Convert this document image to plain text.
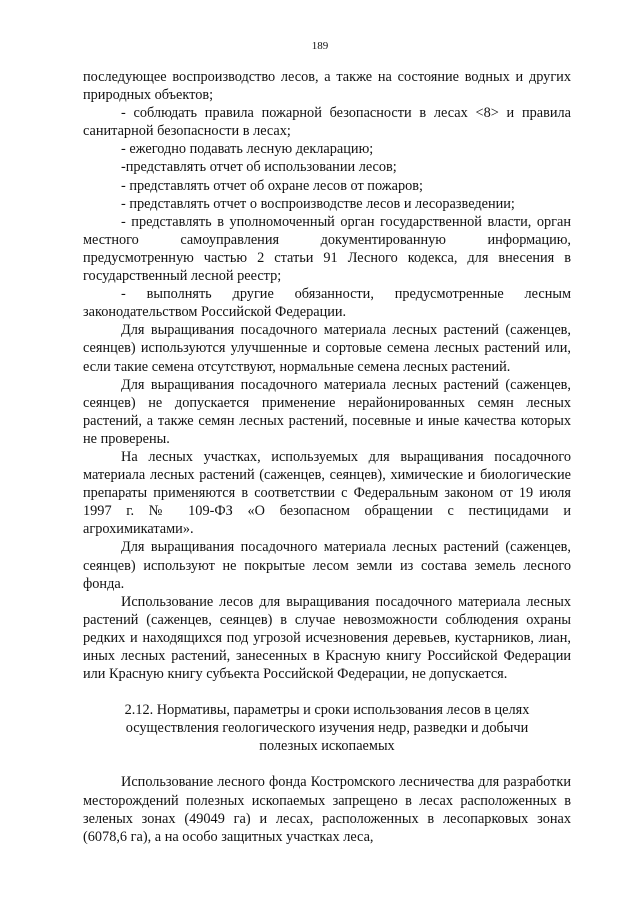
189

последующее воспроизводство лесов, а также на состояние водных и других природных объектов;

- соблюдать правила пожарной безопасности в лесах <8> и правила санитарной безопасности в лесах;

- ежегодно подавать лесную декларацию;

-представлять отчет об использовании лесов;

- представлять отчет об охране лесов от пожаров;

- представлять отчет о воспроизводстве лесов и лесоразведении;

- представлять в уполномоченный орган государственной власти, орган местного самоуправления документированную информацию, предусмотренную частью 2 статьи 91 Лесного кодекса, для внесения в государственный лесной реестр;

- выполнять другие обязанности, предусмотренные лесным законодательством Российской Федерации.

Для выращивания посадочного материала лесных растений (саженцев, сеянцев) используются улучшенные и сортовые семена лесных растений или, если такие семена отсутствуют, нормальные семена лесных растений.

Для выращивания посадочного материала лесных растений (саженцев, сеянцев) не допускается применение нерайонированных семян лесных растений, а также семян лесных растений, посевные и иные качества которых не проверены.

На лесных участках, используемых для выращивания посадочного материала лесных растений (саженцев, сеянцев), химические и биологические препараты применяются в соответствии с Федеральным законом от 19 июля 1997 г. № 109-ФЗ «О безопасном обращении с пестицидами и агрохимикатами».

Для выращивания посадочного материала лесных растений (саженцев, сеянцев) используют не покрытые лесом земли из состава земель лесного фонда.

Использование лесов для выращивания посадочного материала лесных растений (саженцев, сеянцев) в случае невозможности соблюдения охраны редких и находящихся под угрозой исчезновения деревьев, кустарников, лиан, иных лесных растений, занесенных в Красную книгу Российской Федерации или Красную книгу субъекта Российской Федерации, не допускается.

2.12. Нормативы, параметры и сроки использования лесов в целях
осуществления геологического изучения недр, разведки и добычи
полезных ископаемых

Использование лесного фонда Костромского лесничества для разработки месторождений полезных ископаемых запрещено в лесах расположенных в зеленых зонах (49049 га) и лесах, расположенных в лесопарковых зонах (6078,6 га), а на особо защитных участках леса,
